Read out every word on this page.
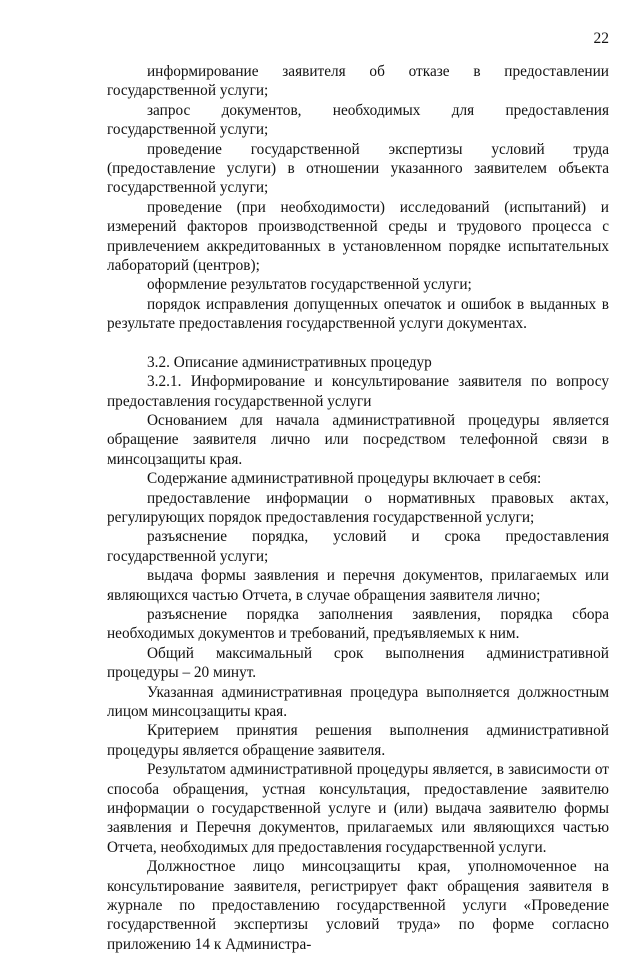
22

информирование заявителя об отказе в предоставлении государственной услуги;

запрос документов, необходимых для предоставления государственной услуги;

проведение государственной экспертизы условий труда (предоставление услуги) в отношении указанного заявителем объекта государственной услуги;

проведение (при необходимости) исследований (испытаний) и измерений факторов производственной среды и трудового процесса с привлечением аккредитованных в установленном порядке испытательных лабораторий (центров);

оформление результатов государственной услуги;

порядок исправления допущенных опечаток и ошибок в выданных в результате предоставления государственной услуги документах.

3.2. Описание административных процедур

3.2.1. Информирование и консультирование заявителя по вопросу предоставления государственной услуги

Основанием для начала административной процедуры является обращение заявителя лично или посредством телефонной связи в минсоцзащиты края.

Содержание административной процедуры включает в себя:

предоставление информации о нормативных правовых актах, регулирующих порядок предоставления государственной услуги;

разъяснение порядка, условий и срока предоставления государственной услуги;

выдача формы заявления и перечня документов, прилагаемых или являющихся частью Отчета, в случае обращения заявителя лично;

разъяснение порядка заполнения заявления, порядка сбора необходимых документов и требований, предъявляемых к ним.

Общий максимальный срок выполнения административной процедуры – 20 минут.

Указанная административная процедура выполняется должностным лицом минсоцзащиты края.

Критерием принятия решения выполнения административной процедуры является обращение заявителя.

Результатом административной процедуры является, в зависимости от способа обращения, устная консультация, предоставление заявителю информации о государственной услуге и (или) выдача заявителю формы заявления и Перечня документов, прилагаемых или являющихся частью Отчета, необходимых для предоставления государственной услуги.

Должностное лицо минсоцзащиты края, уполномоченное на консультирование заявителя, регистрирует факт обращения заявителя в журнале по предоставлению государственной услуги «Проведение государственной экспертизы условий труда» по форме согласно приложению 14 к Администра-
